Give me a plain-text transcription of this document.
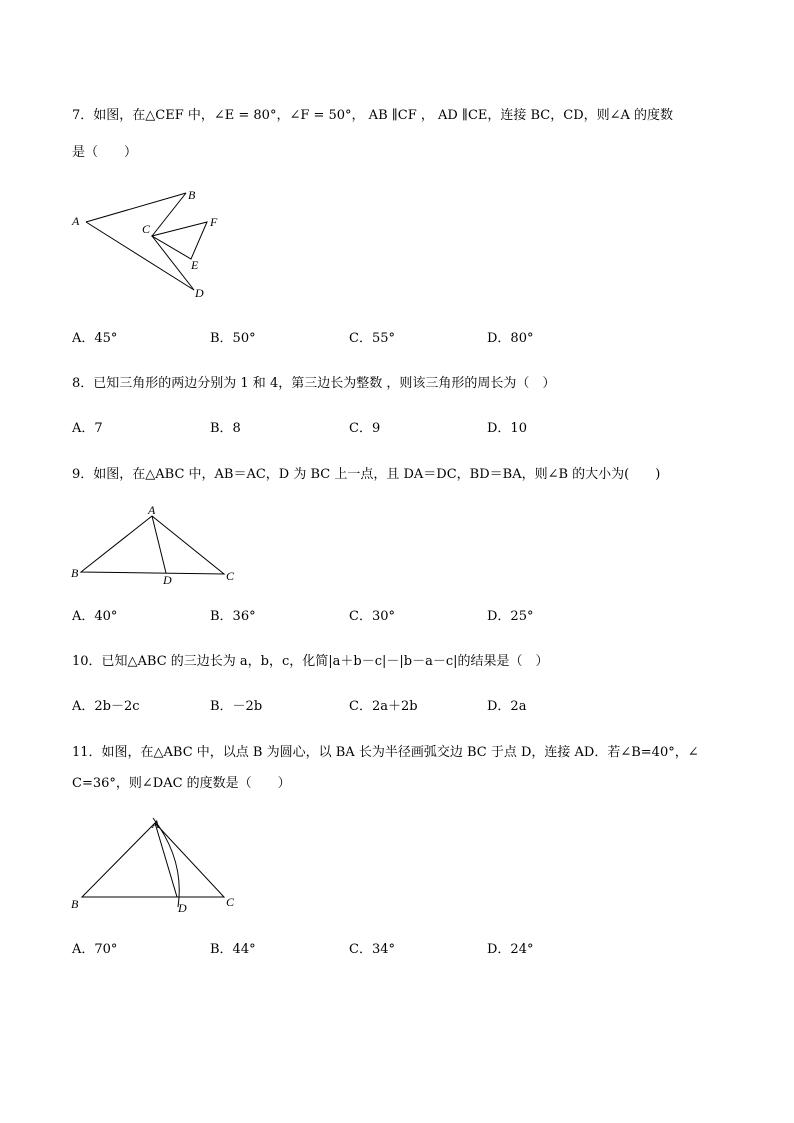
7．如图，在△CEF 中，∠E = 80°，∠F = 50°， AB ∥CF ， AD ∥CE，连接 BC，CD，则∠A 的度数
是（　　）
A
B
C	F
E
D
A．45°	B．50°	C．55°	D．80°
8．已知三角形的两边分别为 1 和 4，第三边长为整数 ，则该三角形的周长为（　）
A．7	B．8	C．9	D．10
9．如图，在△ABC 中，AB＝AC，D 为 BC 上一点，且 DA＝DC，BD＝BA，则∠B 的大小为(　　)
A
B	D	C
A．40°	B．36°	C．30°	D．25°
10．已知△ABC 的三边长为 a，b，c，化简|a＋b－c|－|b－a－c|的结果是（　）
A．2b－2c	B．－2b	C．2a＋2b	D．2a
11．如图，在△ABC 中，以点 B 为圆心，以 BA 长为半径画弧交边 BC 于点 D，连接 AD．若∠B=40°，∠
C=36°，则∠DAC 的度数是（　　）
A
B	D	C
A．70°	B．44°	C．34°	D．24°
